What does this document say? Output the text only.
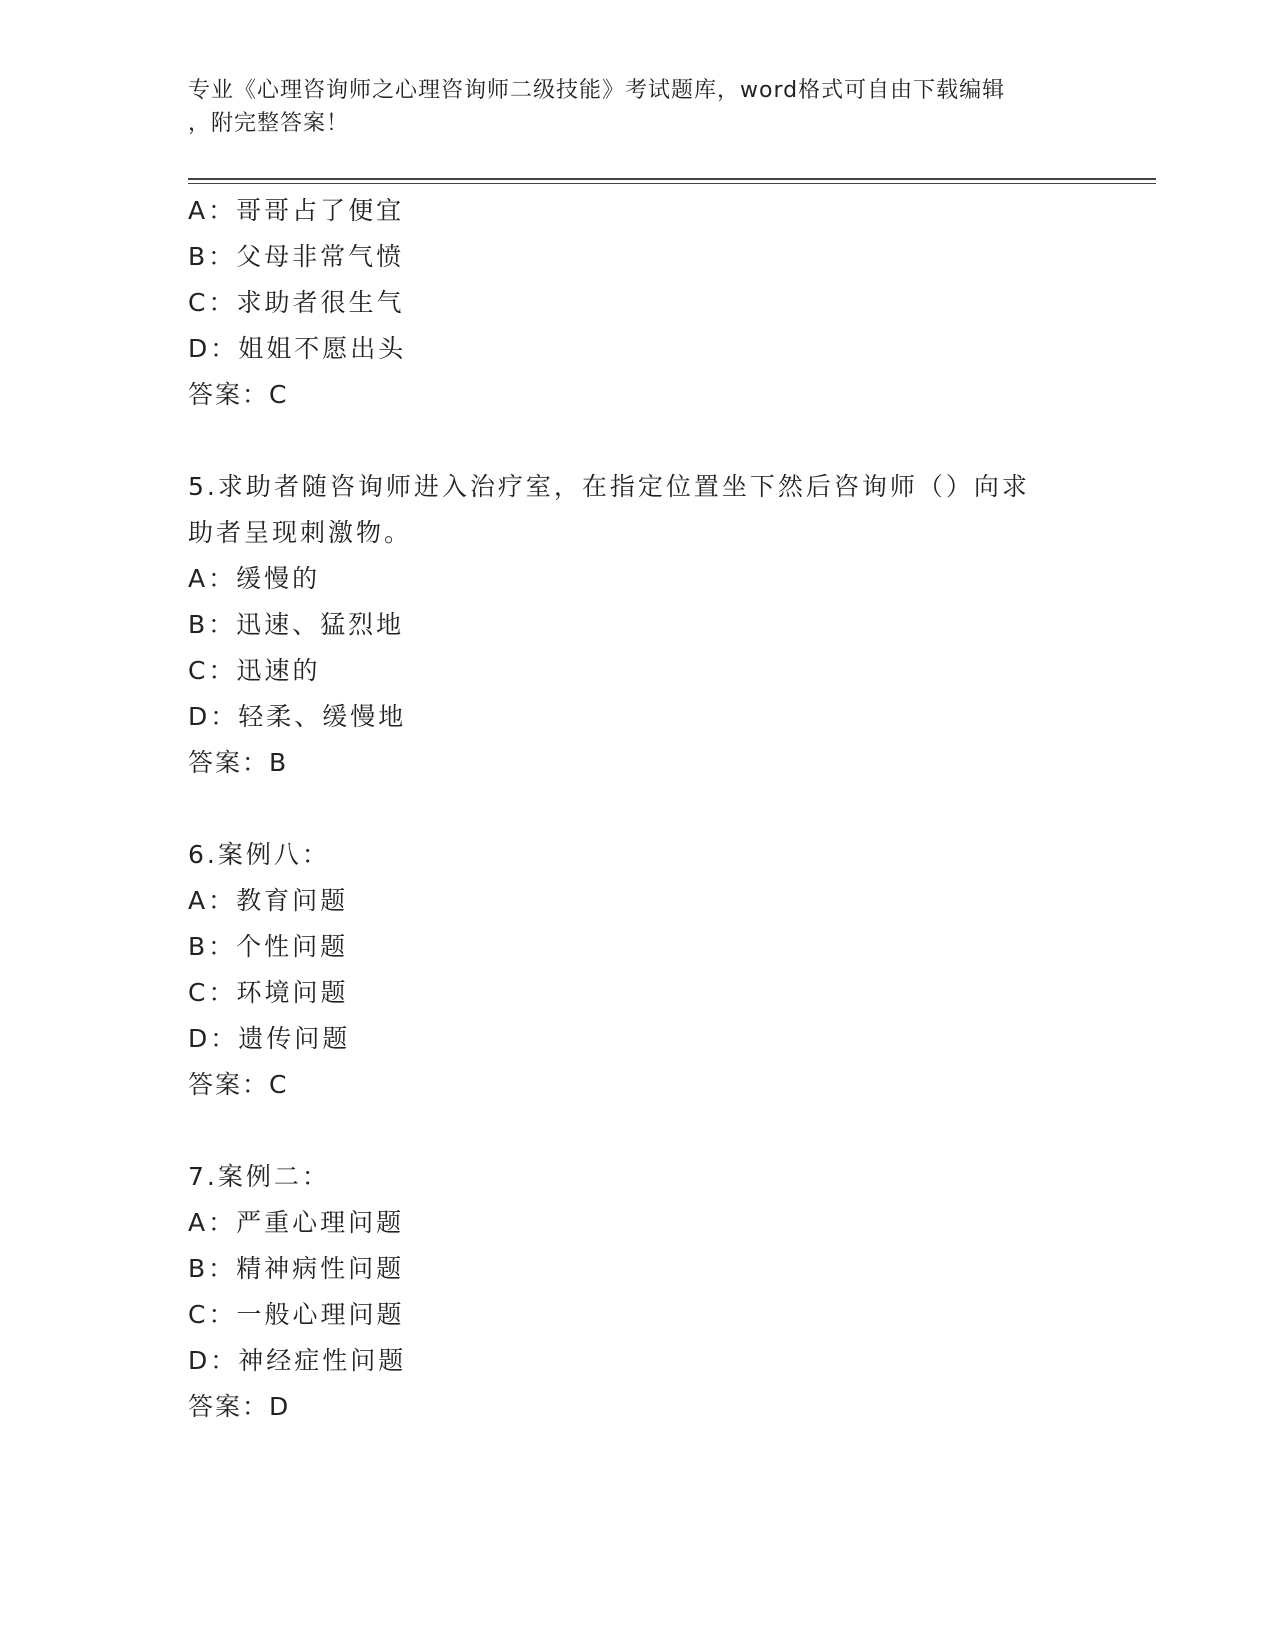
专业《心理咨询师之心理咨询师二级技能》考试题库，word格式可自由下载编辑
，附完整答案！
A：哥哥占了便宜
B：父母非常气愤
C：求助者很生气
D：姐姐不愿出头
答案：C
5.求助者随咨询师进入治疗室，在指定位置坐下然后咨询师（）向求
助者呈现刺激物。
A：缓慢的
B：迅速、猛烈地
C：迅速的
D：轻柔、缓慢地
答案：B
6.案例八：
A：教育问题
B：个性问题
C：环境问题
D：遗传问题
答案：C
7.案例二：
A：严重心理问题
B：精神病性问题
C：一般心理问题
D：神经症性问题
答案：D
